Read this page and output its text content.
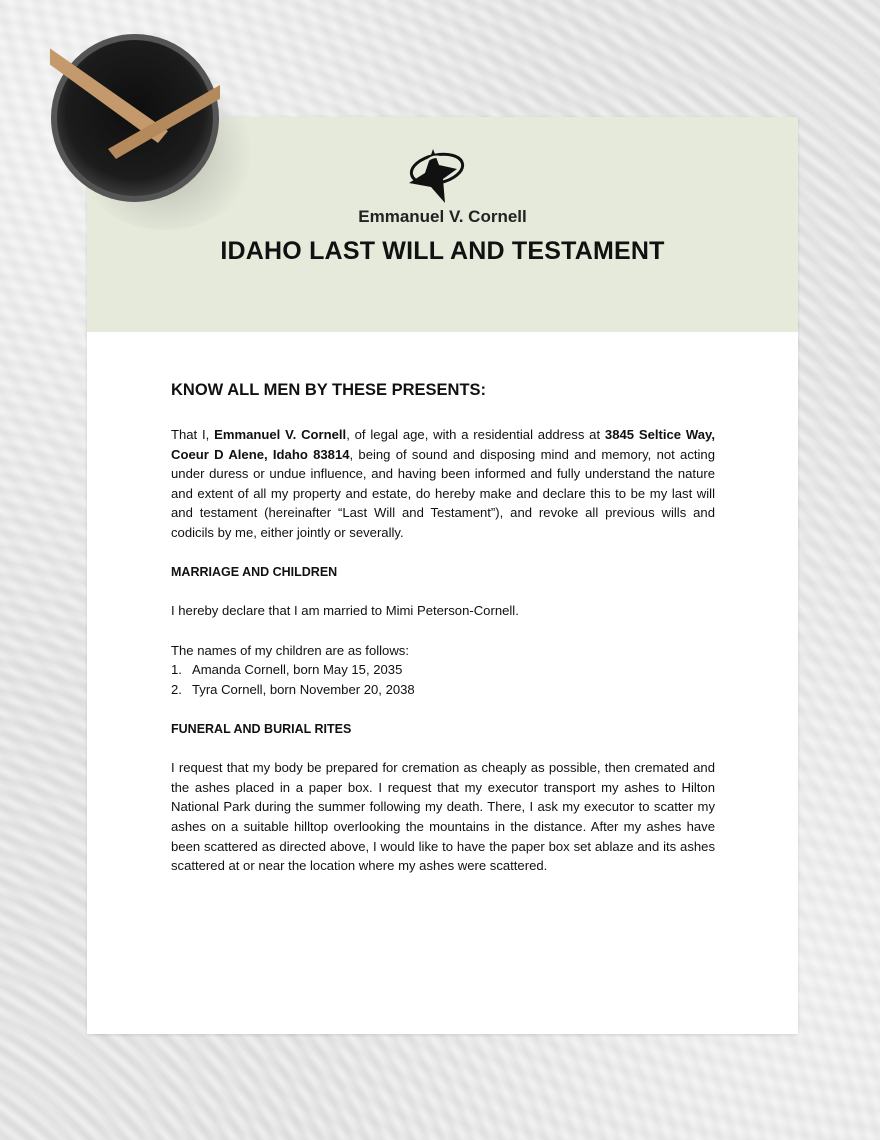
Emmanuel V. Cornell
IDAHO LAST WILL AND TESTAMENT
KNOW ALL MEN BY THESE PRESENTS:

That I, Emmanuel V. Cornell, of legal age, with a residential address at 3845 Seltice Way, Coeur D Alene, Idaho 83814, being of sound and disposing mind and memory, not acting under duress or undue influence, and having been informed and fully understand the nature and extent of all my property and estate, do hereby make and declare this to be my last will and testament (hereinafter “Last Will and Testament”), and revoke all previous wills and codicils by me, either jointly or severally.

MARRIAGE AND CHILDREN

I hereby declare that I am married to Mimi Peterson-Cornell.

The names of my children are as follows:

1. Amanda Cornell, born May 15, 2035
2. Tyra Cornell, born November 20, 2038
FUNERAL AND BURIAL RITES

I request that my body be prepared for cremation as cheaply as possible, then cremated and the ashes placed in a paper box. I request that my executor transport my ashes to Hilton National Park during the summer following my death. There, I ask my executor to scatter my ashes on a suitable hilltop overlooking the mountains in the distance. After my ashes have been scattered as directed above, I would like to have the paper box set ablaze and its ashes scattered at or near the location where my ashes were scattered.
